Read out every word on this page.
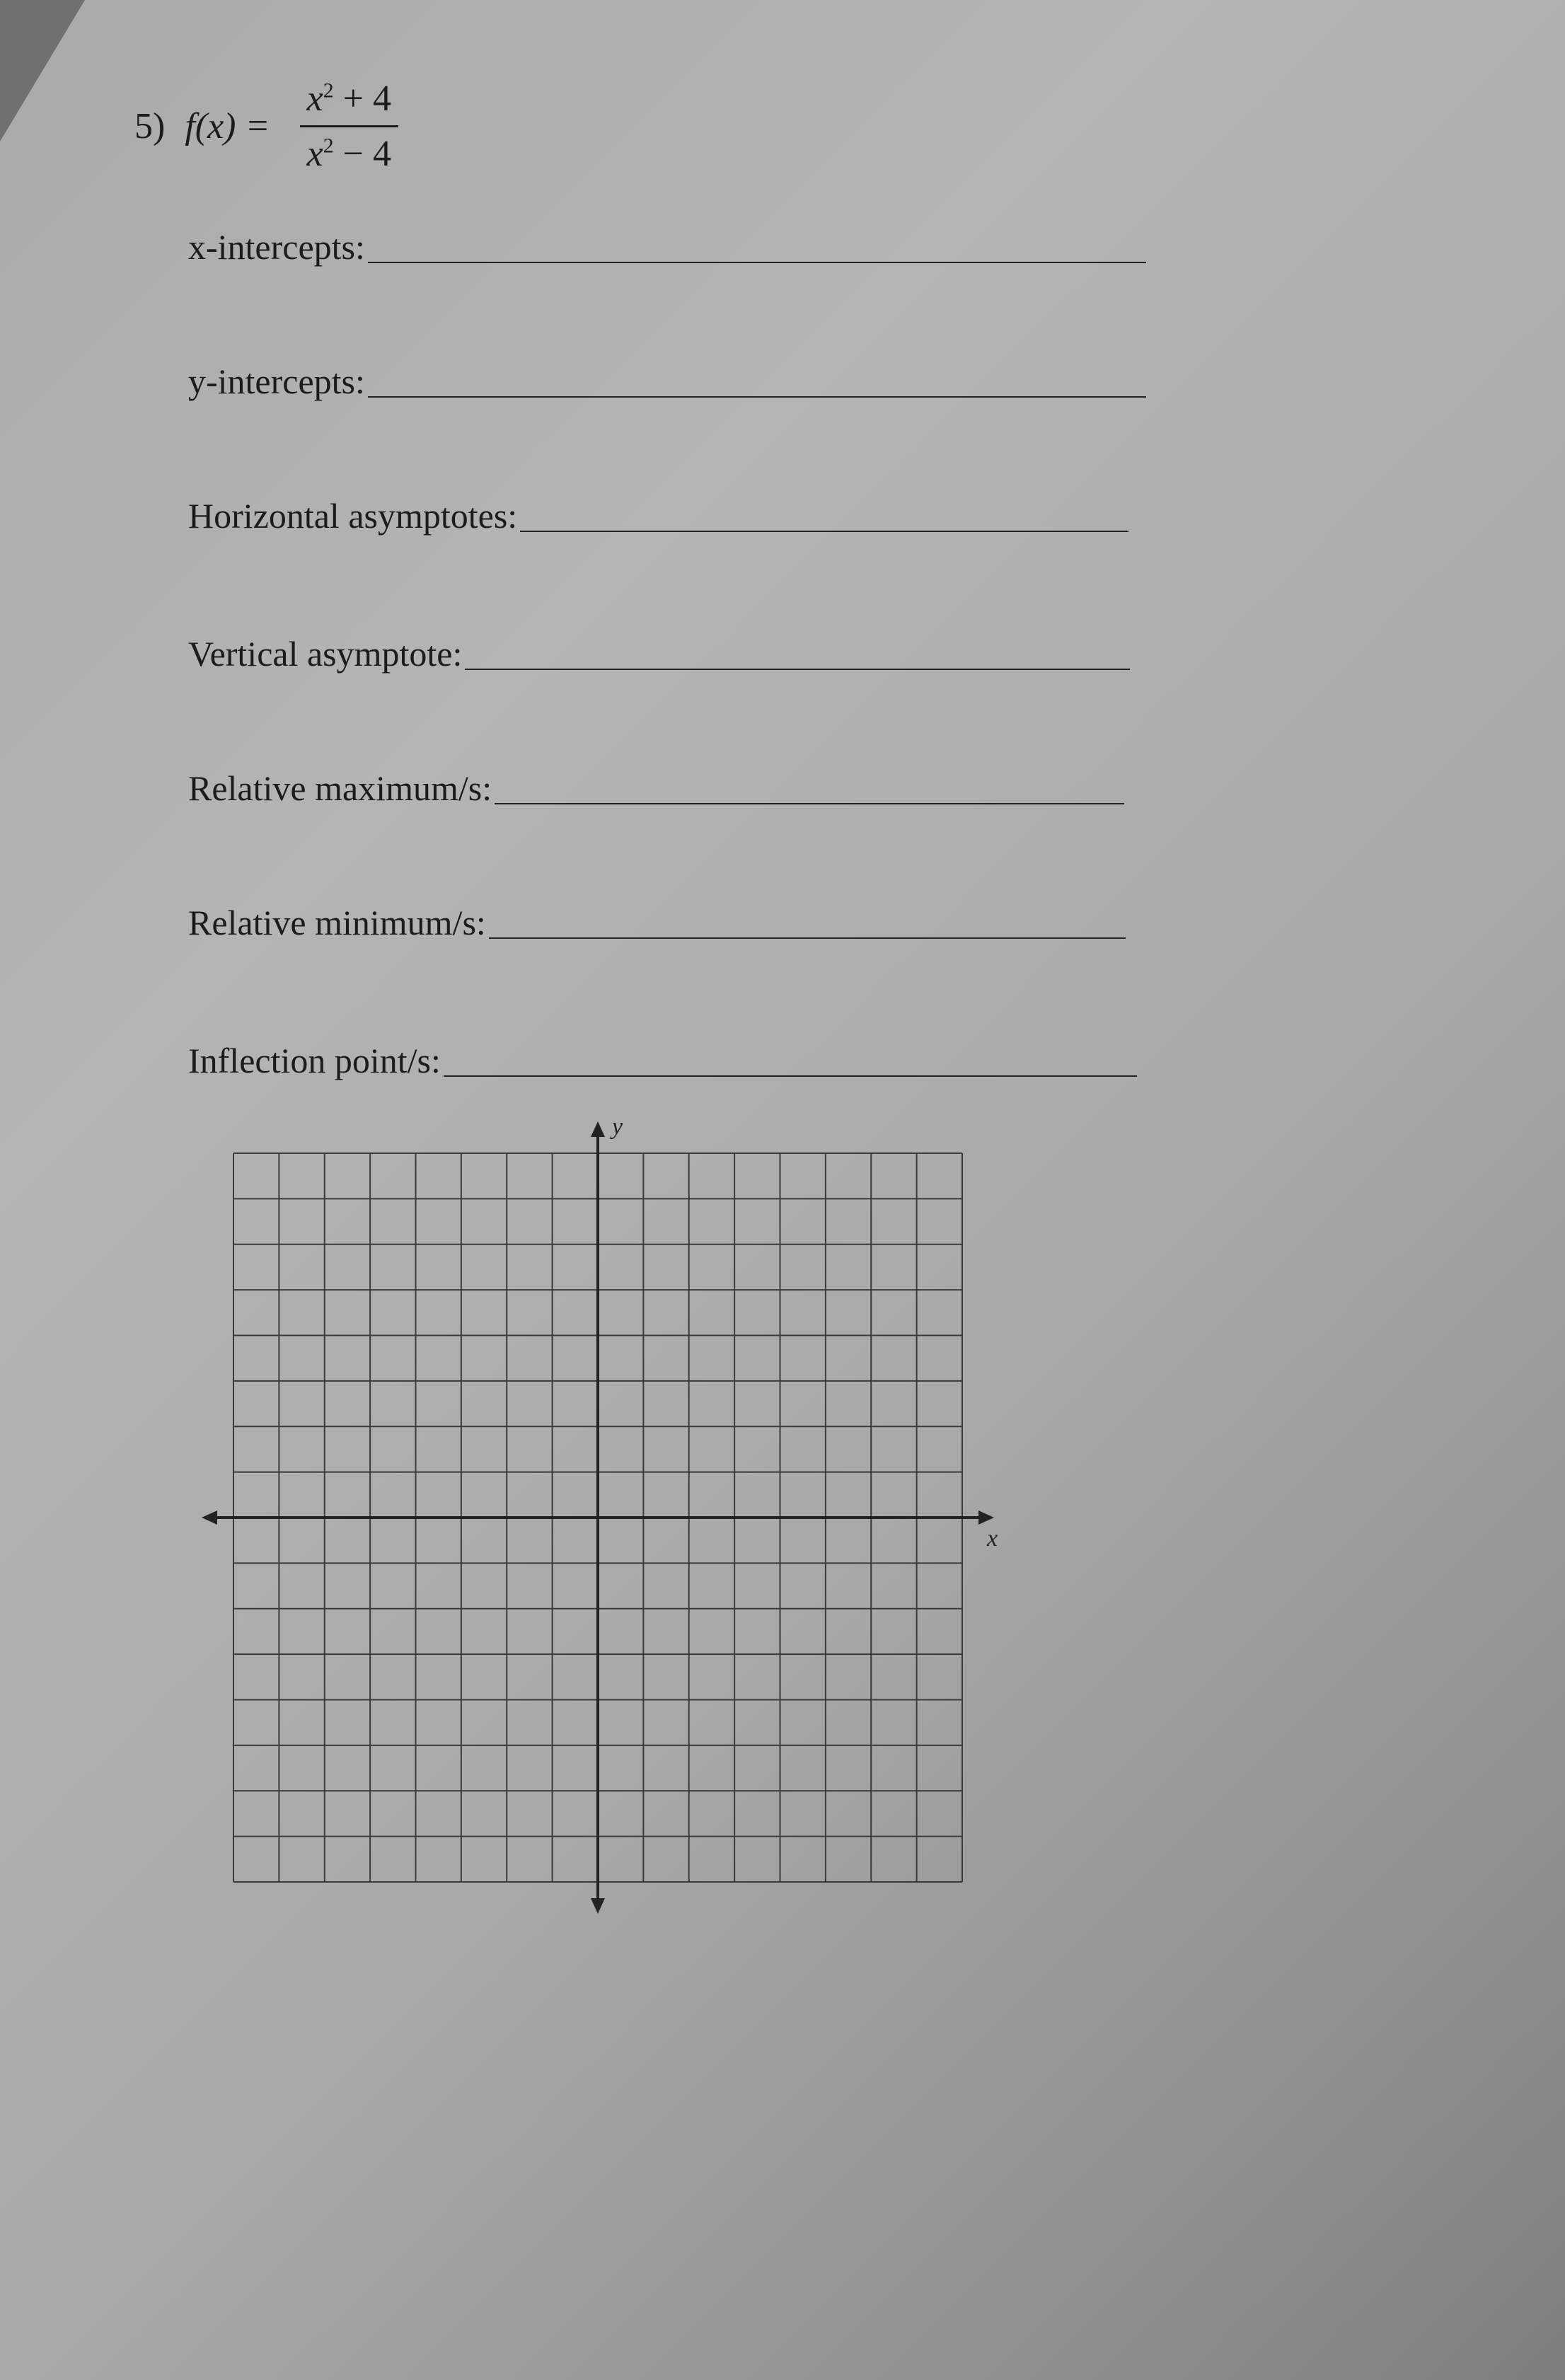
5) $f(x) = \frac{x^2 + 4}{x^2 - 4}$
x-intercepts:
y-intercepts:
Horizontal asymptotes:
Vertical asymptote:
Relative maximum/s:
Relative minimum/s:
Inflection point/s:
x
y
